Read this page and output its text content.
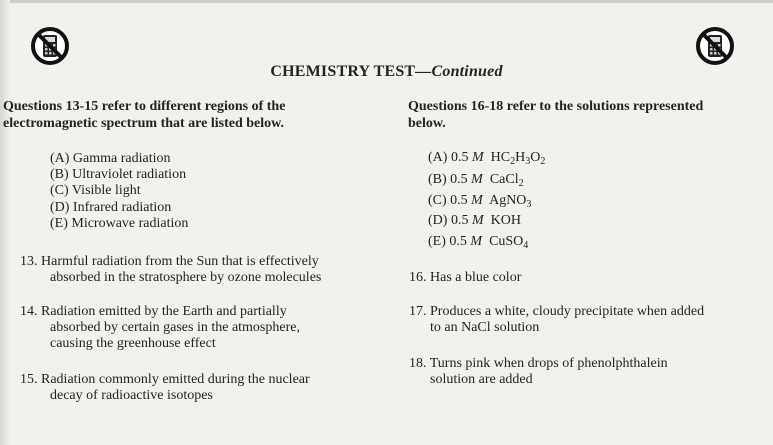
CHEMISTRY TEST—Continued
Questions 13-15 refer to different regions of the
electromagnetic spectrum that are listed below.
(A) Gamma radiation
(B) Ultraviolet radiation
(C) Visible light
(D) Infrared radiation
(E) Microwave radiation
13. Harmful radiation from the Sun that is effectively
absorbed in the stratosphere by ozone molecules
14. Radiation emitted by the Earth and partially
absorbed by certain gases in the atmosphere,
causing the greenhouse effect
15. Radiation commonly emitted during the nuclear
decay of radioactive isotopes
Questions 16-18 refer to the solutions represented
below.
(A) 0.5 M $HC_2H_3O_2$
(B) 0.5 M CaCl$_2$
(C) 0.5 M AgNO$_3$
(D) 0.5 M KOH
(E) 0.5 M CuSO$_4$
16. Has a blue color
17. Produces a white, cloudy precipitate when added
to an NaCl solution
18. Turns pink when drops of phenolphthalein
solution are added
